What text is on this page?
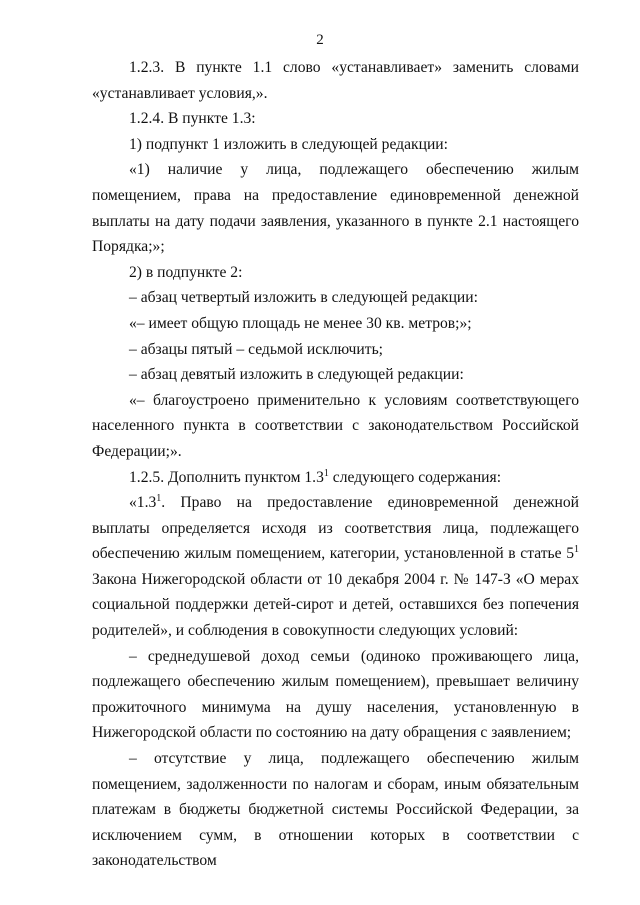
2

1.2.3. В пункте 1.1 слово «устанавливает» заменить словами «устанавливает условия,».

1.2.4. В пункте 1.3:

1) подпункт 1 изложить в следующей редакции:

«1) наличие у лица, подлежащего обеспечению жилым помещением, права на предоставление единовременной денежной выплаты на дату подачи заявления, указанного в пункте 2.1 настоящего Порядка;»;

2) в подпункте 2:

– абзац четвертый изложить в следующей редакции:

«– имеет общую площадь не менее 30 кв. метров;»;

– абзацы пятый – седьмой исключить;

– абзац девятый изложить в следующей редакции:

«– благоустроено применительно к условиям соответствующего населенного пункта в соответствии с законодательством Российской Федерации;».

1.2.5. Дополнить пунктом $1.3^1$ следующего содержания:

«$1.3^1$. Право на предоставление единовременной денежной выплаты определяется исходя из соответствия лица, подлежащего обеспечению жилым помещением, категории, установленной в статье $5^1$ Закона Нижегородской области от 10 декабря 2004 г. № 147-З «О мерах социальной поддержки детей-сирот и детей, оставшихся без попечения родителей», и соблюдения в совокупности следующих условий:

– среднедушевой доход семьи (одиноко проживающего лица, подлежащего обеспечению жилым помещением), превышает величину прожиточного минимума на душу населения, установленную в Нижегородской области по состоянию на дату обращения с заявлением;

– отсутствие у лица, подлежащего обеспечению жилым помещением, задолженности по налогам и сборам, иным обязательным платежам в бюджеты бюджетной системы Российской Федерации, за исключением сумм, в отношении которых в соответствии с законодательством
